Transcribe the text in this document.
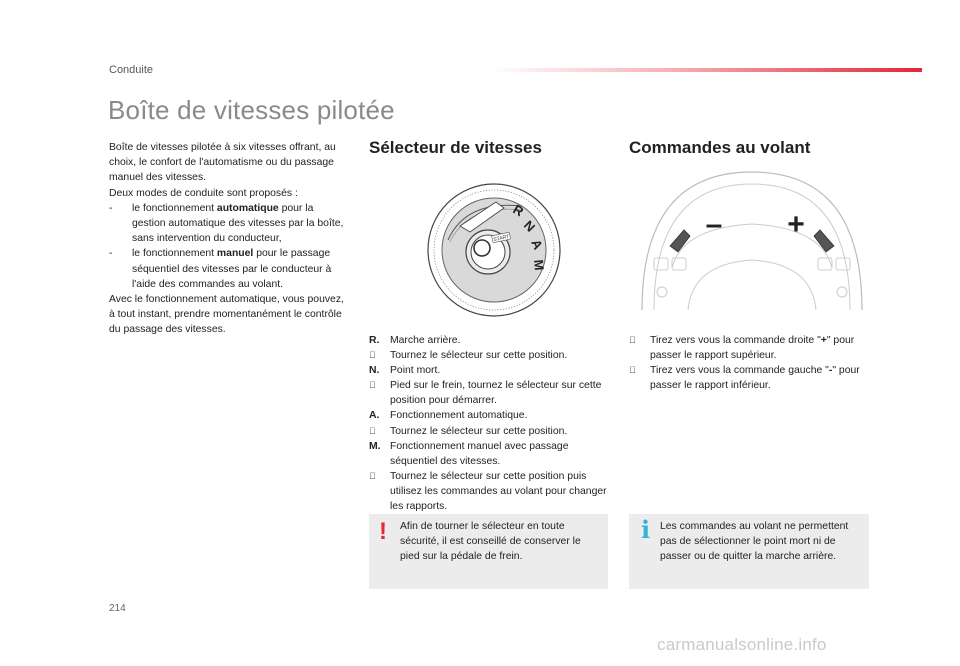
Conduite
Boîte de vitesses pilotée

Boîte de vitesses pilotée à six vitesses offrant, au choix, le confort de l'automatisme ou du passage manuel des vitesses.

Deux modes de conduite sont proposés :

-	le fonctionnement automatique pour la gestion automatique des vitesses par la boîte, sans intervention du conducteur,
-	le fonctionnement manuel pour le passage séquentiel des vitesses par le conducteur à l'aide des commandes au volant.

Avec le fonctionnement automatique, vous pouvez, à tout instant, prendre momentanément le contrôle du passage des vitesses.

Sélecteur de vitesses
START
R
N
A
M
R.	Marche arrière.
Tournez le sélecteur sur cette position.
N.	Point mort.
Pied sur le frein, tournez le sélecteur sur cette position pour démarrer.
A.	Fonctionnement automatique.
Tournez le sélecteur sur cette position.
M. Fonctionnement manuel avec passage séquentiel des vitesses.
Tournez le sélecteur sur cette position puis utilisez les commandes au volant pour changer les rapports.
! Afin de tourner le sélecteur en toute sécurité, il est conseillé de conserver le pied sur la pédale de frein.
Commandes au volant
– +
Tirez vers vous la commande droite "+" pour passer le rapport supérieur.
Tirez vers vous la commande gauche "-" pour passer le rapport inférieur.
i Les commandes au volant ne permettent pas de sélectionner le point mort ni de passer ou de quitter la marche arrière.
214
carmanualsonline.info
